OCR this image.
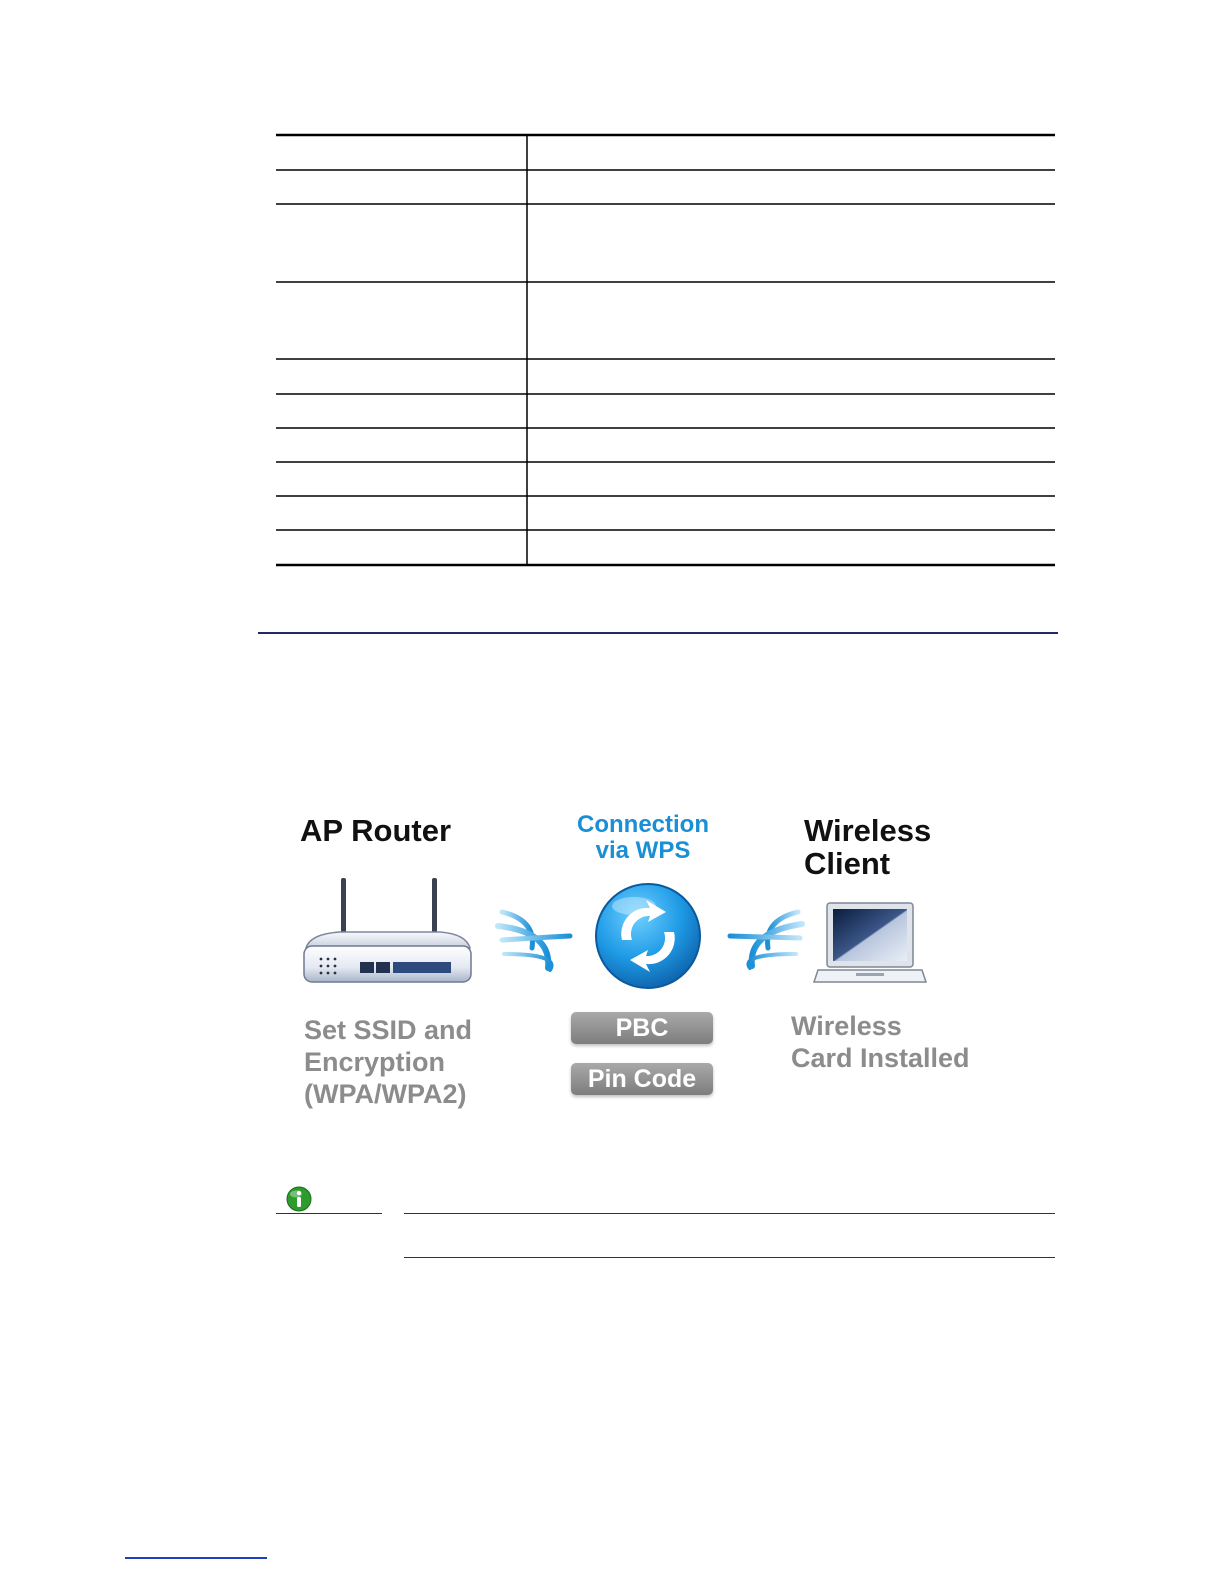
AP Router	Connection
via WPS
Wireless
Client
Set SSID and
Encryption
(WPA/WPA2)
PBC
Pin Code
Wireless
Card Installed
